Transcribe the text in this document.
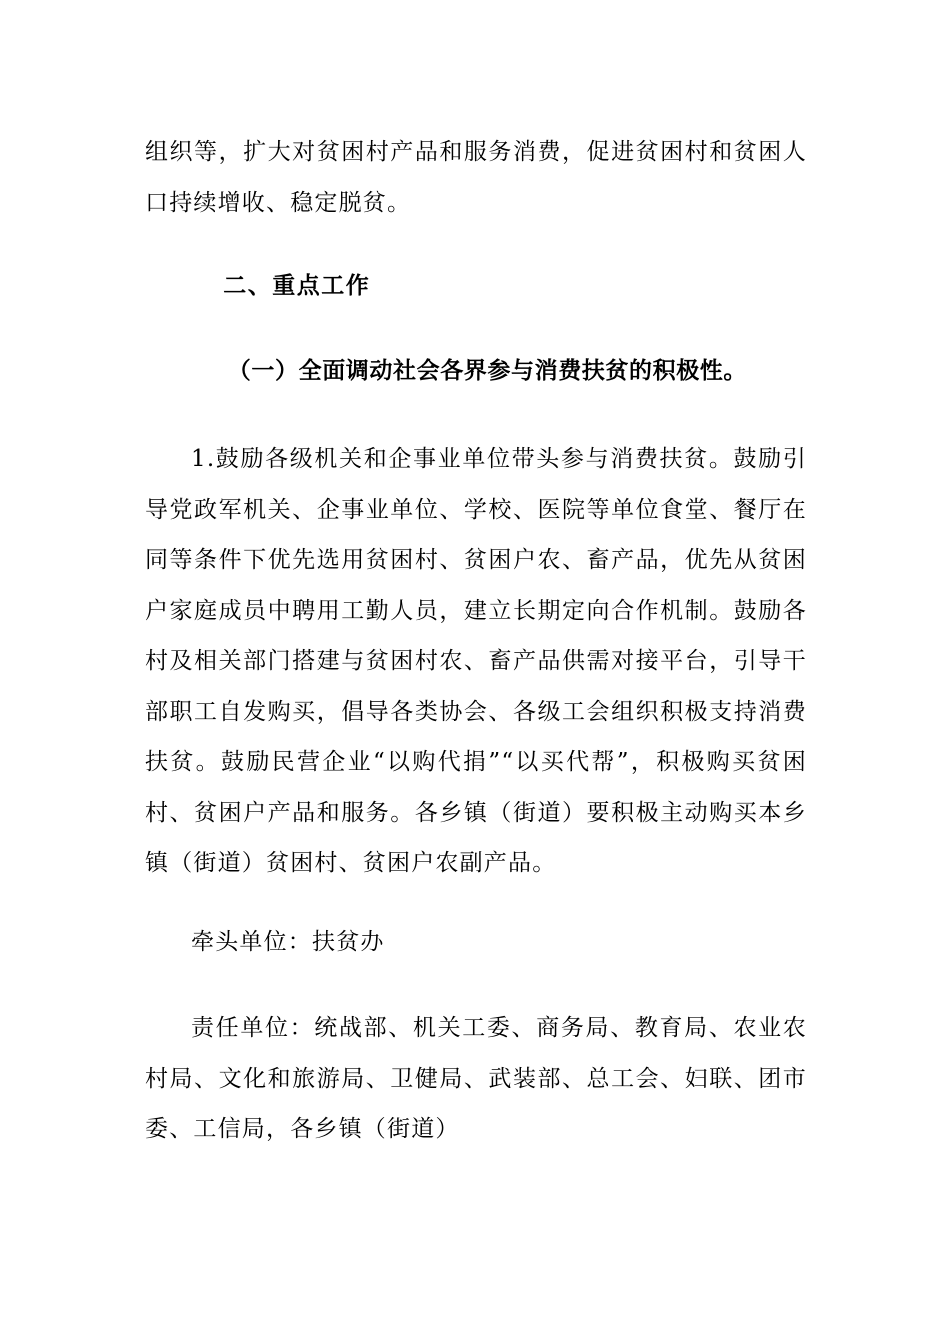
组织等，扩大对贫困村产品和服务消费，促进贫困村和贫困人口持续增收、稳定脱贫。

二、重点工作
（一）全面调动社会各界参与消费扶贫的积极性。

1.鼓励各级机关和企事业单位带头参与消费扶贫。鼓励引导党政军机关、企事业单位、学校、医院等单位食堂、餐厅在同等条件下优先选用贫困村、贫困户农、畜产品，优先从贫困户家庭成员中聘用工勤人员，建立长期定向合作机制。鼓励各村及相关部门搭建与贫困村农、畜产品供需对接平台，引导干部职工自发购买，倡导各类协会、各级工会组织积极支持消费扶贫。鼓励民营企业“以购代捐”“以买代帮”，积极购买贫困村、贫困户产品和服务。各乡镇（街道）要积极主动购买本乡镇（街道）贫困村、贫困户农副产品。

牵头单位：扶贫办

责任单位：统战部、机关工委、商务局、教育局、农业农村局、文化和旅游局、卫健局、武装部、总工会、妇联、团市委、工信局，各乡镇（街道）
